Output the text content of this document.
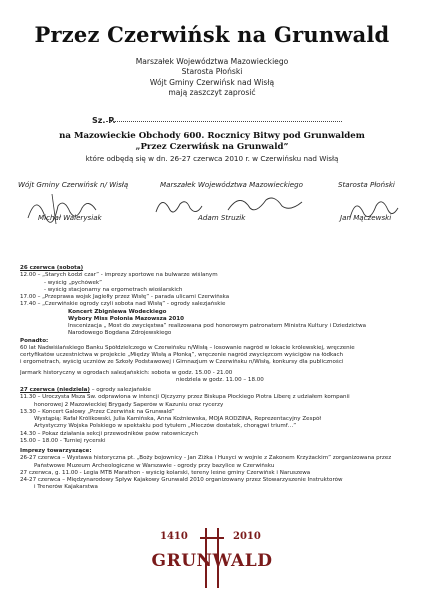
Przez Czerwińsk na Grunwald
Marszałek Województwa Mazowieckiego
Starosta Płoński
Wójt Gminy Czerwińsk nad Wisłą
mają zaszczyt zaprosić
Sz. P.
na Mazowieckie Obchody 600. Rocznicy Bitwy pod Grunwaldem
„Przez Czerwińsk na Grunwald”
które odbędą się w dn. 26-27 czerwca 2010 r. w Czerwińsku nad Wisłą
Wójt Gminy Czerwińsk n/ Wisłą	Marszałek Województwa Mazowieckiego	Starosta Płoński
Michał Walerysiak	Adam Struzik	Jan Mączewski
26 czerwca (sobota)
12.00 – „Starych Łodzi czar” - imprezy sportowe na bulwarze wiślanym
- wyścig „pychówek”
- wyścig stacjonarny na ergometrach wioślarskich
17.00 – „Przeprawa wojsk Jagiełły przez Wisłę” - parada ulicami Czerwińska
17.40 – „Czerwińskie ogrody czyli sobota nad Wisłą” - ogrody salezjańskie
Koncert Zbigniewa Wodeckiego
Wybory Miss Polonia Mazowsza 2010
Inscenizacja „ Most do zwycięstwa” realizowana pod honorowym patronatem Ministra Kultury i Dziedzictwa
Narodowego Bogdana Zdrojewskiego
Ponadto:
60 lat Nadwiślańskiego Banku Spółdzielczego w Czerwińsku n/Wisłą – losowanie nagród w lokacie królewskiej, wręczenie
certyfikatów uczestnictwa w projekcie „Między Wisłą a Płonką”, wręczenie nagród zwycięzcom wyścigów na łódkach
i ergometrach, wyścig uczniów ze Szkoły Podstawowej i Gimnazjum w Czerwińsku n/Wisłą, konkursy dla publiczności
Jarmark historyczny w ogrodach salezjańskich: sobota w godz. 15.00 - 21.00
niedziela w godz. 11.00 – 18.00
27 czerwca (niedziela) – ogrody salezjańskie
11.30 – Uroczysta Msza Św. odprawiona w intencji Ojczyzny przez Biskupa Płockiego Piotra Liberę z udziałem kompanii
honorowej 2 Mazowieckiej Brygady Saperów w Kazuniu oraz rycerzy
13.30 – Koncert Galowy „Przez Czerwińsk na Grunwald”
Wystąpią: Rafał Królikowski, Julia Kamińska, Anna Koźniewska, MOJA RODZINA, Reprezentacyjny Zespół
Artystyczny Wojska Polskiego w spektaklu pod tytułem „Mieczów dostatek, chorągwi triumf…”
14.30 – Pokaz działania sekcji przewodników psów ratowniczych
15.00 – 18.00 - Turniej rycerski
Imprezy towarzyszące:
26-27 czerwca – Wystawa historyczna pt. „Boży bojownicy - Jan Żiżka i Husyci w wojnie z Zakonem Krzyżackim” zorganizowana przez
Państwowe Muzeum Archeologiczne w Warszawie - ogrody przy bazylice w Czerwińsku
27 czerwca, g. 11.00 - Legia MTB Marathon - wyścig kolarski, tereny leśne gminy Czerwińsk i Naruszewa
24-27 czerwca – Międzynarodowy Spływ Kajakowy Grunwald 2010 organizowany przez Stowarzyszenie Instruktorów
i Trenerów Kajakarstwa
1410	2010
GRUNWALD
